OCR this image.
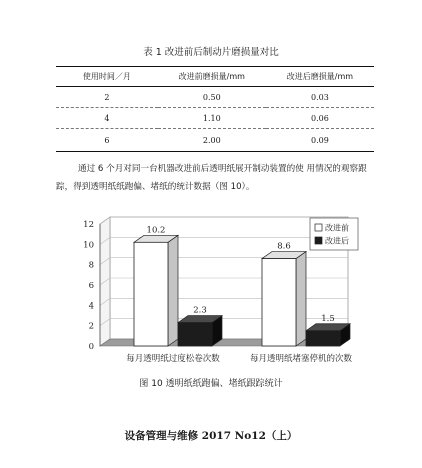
表 1 改进前后制动片磨损量对比
使用时间／月	改进前磨损量/mm	改进后磨损量/mm
2	0.50	0.03
4	1.10	0.06
6	2.00	0.09
通过 6 个月对同一台机器改进前后透明纸展开制动装置的使 用情况的观察跟踪，得到透明纸纸跑偏、堵纸的统计数据（图 10）。
0
2
4
6
8
10
12
10.2
8.6
2.3
1.5
每月透明纸过度松卷次数	每月透明纸堵塞停机的次数
改进前
改进后
图 10 透明纸纸跑偏、堵纸跟踪统计
设备管理与维修 2017 No12（上）
